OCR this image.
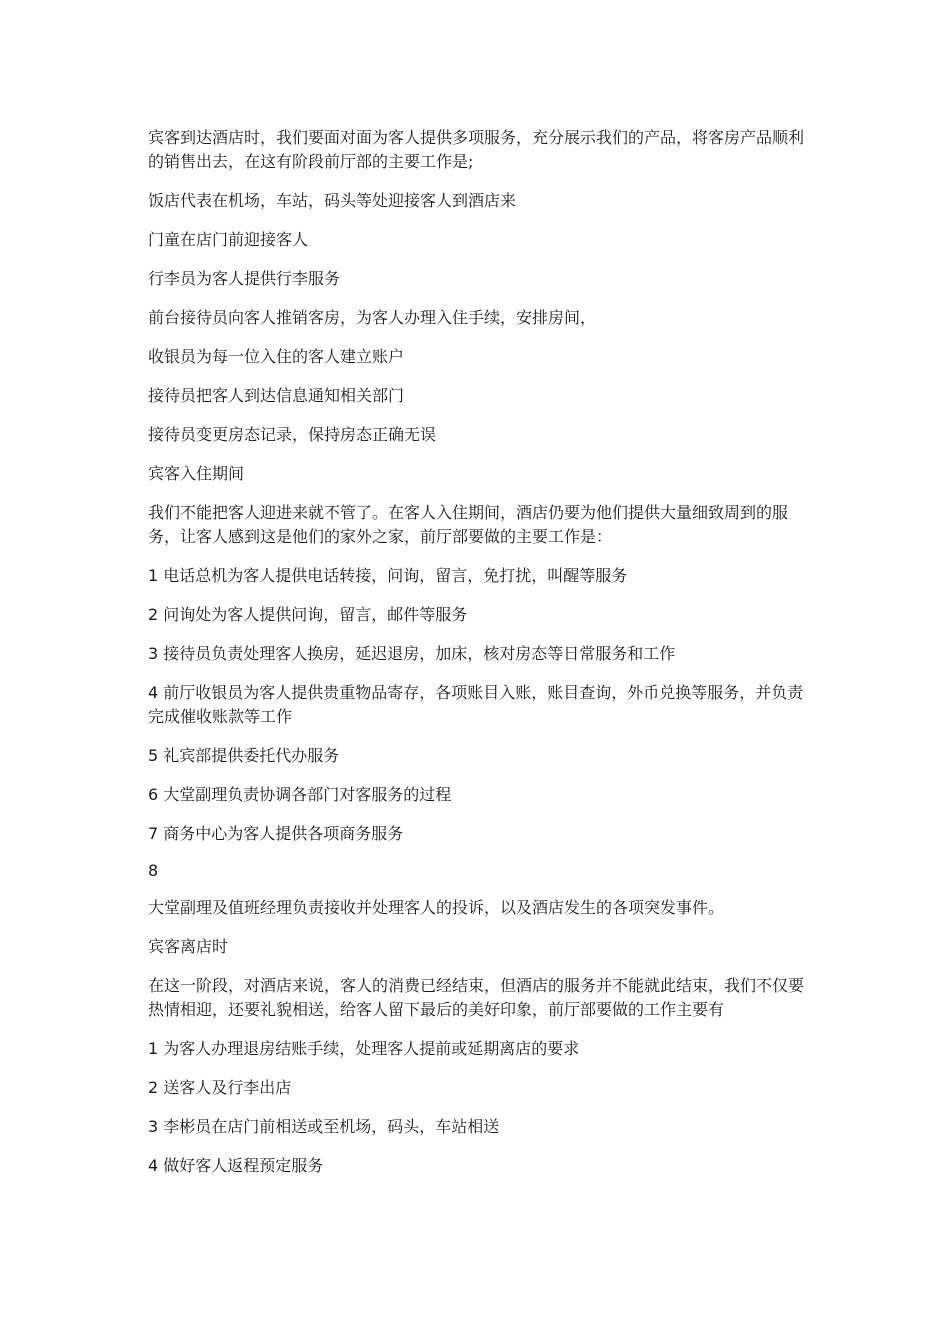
宾客到达酒店时，我们要面对面为客人提供多项服务，充分展示我们的产品，将客房产品顺利的销售出去，在这有阶段前厅部的主要工作是;

饭店代表在机场，车站，码头等处迎接客人到酒店来

门童在店门前迎接客人

行李员为客人提供行李服务

前台接待员向客人推销客房，为客人办理入住手续，安排房间，

收银员为每一位入住的客人建立账户

接待员把客人到达信息通知相关部门

接待员变更房态记录，保持房态正确无误

宾客入住期间

我们不能把客人迎进来就不管了。在客人入住期间，酒店仍要为他们提供大量细致周到的服务，让客人感到这是他们的家外之家，前厅部要做的主要工作是：

1 电话总机为客人提供电话转接，问询，留言，免打扰，叫醒等服务

2 问询处为客人提供问询，留言，邮件等服务

3 接待员负责处理客人换房，延迟退房，加床，核对房态等日常服务和工作

4 前厅收银员为客人提供贵重物品寄存，各项账目入账，账目查询，外币兑换等服务，并负责完成催收账款等工作

5 礼宾部提供委托代办服务

6 大堂副理负责协调各部门对客服务的过程

7 商务中心为客人提供各项商务服务

8

大堂副理及值班经理负责接收并处理客人的投诉，以及酒店发生的各项突发事件。

宾客离店时

在这一阶段，对酒店来说，客人的消费已经结束，但酒店的服务并不能就此结束，我们不仅要热情相迎，还要礼貌相送，给客人留下最后的美好印象，前厅部要做的工作主要有

1 为客人办理退房结账手续，处理客人提前或延期离店的要求

2 送客人及行李出店

3 李彬员在店门前相送或至机场，码头，车站相送

4 做好客人返程预定服务
